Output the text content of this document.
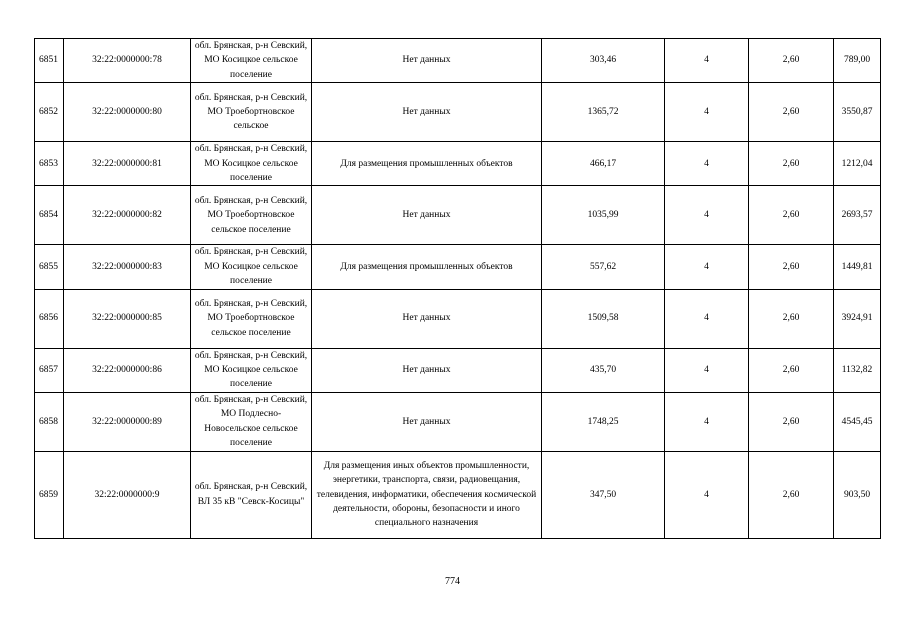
6851	32:22:0000000:78	обл. Брянская, р-н Севский, МО Косицкое сельское поселение	Нет данных	303,46	4	2,60	789,00
6852	32:22:0000000:80	обл. Брянская, р-н Севский, МО Троебортновское сельское	Нет данных	1365,72	4	2,60	3550,87
6853	32:22:0000000:81	обл. Брянская, р-н Севский, МО Косицкое сельское поселение	Для размещения промышленных объектов	466,17	4	2,60	1212,04
6854	32:22:0000000:82	обл. Брянская, р-н Севский, МО Троебортновское сельское поселение	Нет данных	1035,99	4	2,60	2693,57
6855	32:22:0000000:83	обл. Брянская, р-н Севский, МО Косицкое сельское поселение	Для размещения промышленных объектов	557,62	4	2,60	1449,81
6856	32:22:0000000:85	обл. Брянская, р-н Севский, МО Троебортновское сельское поселение	Нет данных	1509,58	4	2,60	3924,91
6857	32:22:0000000:86	обл. Брянская, р-н Севский, МО Косицкое сельское поселение	Нет данных	435,70	4	2,60	1132,82
6858	32:22:0000000:89	обл. Брянская, р-н Севский, МО Подлесно-Новосельское сельское поселение	Нет данных	1748,25	4	2,60	4545,45
6859	32:22:0000000:9	обл. Брянская, р-н Севский, ВЛ 35 кВ "Севск-Косицы"	Для размещения иных объектов промышленности, энергетики, транспорта, связи, радиовещания, телевидения, информатики, обеспечения космической деятельности, обороны, безопасности и иного специального назначения	347,50	4	2,60	903,50
774
